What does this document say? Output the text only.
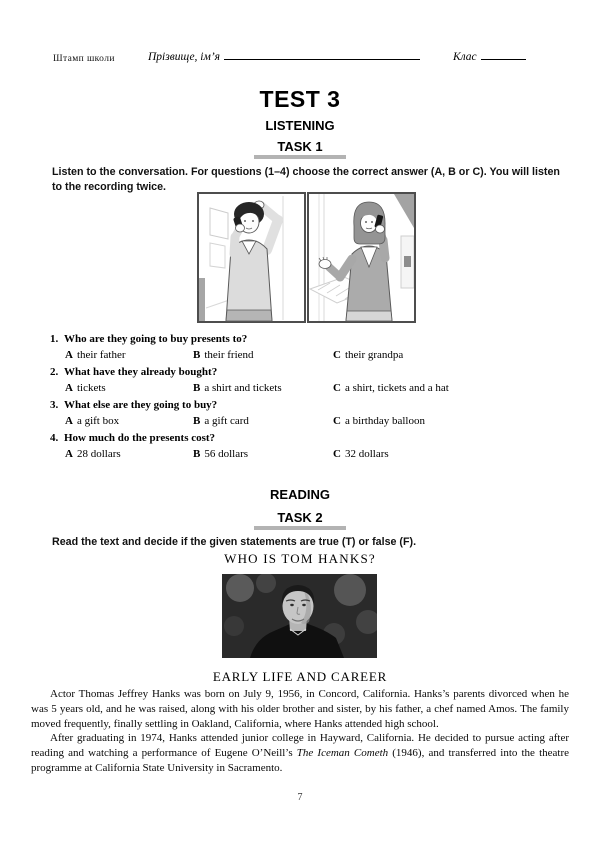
Штамп школи	Прізвище, ім’я	Клас
TEST 3
LISTENING
TASK 1
Listen to the conversation. For questions (1–4) choose the correct answer (A, B or C). You will listen to the recording twice.
1. Who are they going to buy presents to?
A their father	B their friend	C their grandpa
2. What have they already bought?
A tickets	B a shirt and tickets	C a shirt, tickets and a hat
3. What else are they going to buy?
A a gift box	B a gift card	C a birthday balloon
4. How much do the presents cost?
A 28 dollars	B 56 dollars	C 32 dollars
READING
TASK 2
Read the text and decide if the given statements are true (T) or false (F).
WHO IS TOM HANKS?
EARLY LIFE AND CAREER

Actor Thomas Jeffrey Hanks was born on July 9, 1956, in Concord, California. Hanks’s parents divorced when he was 5 years old, and he was raised, along with his older brother and sister, by his father, a chef named Amos. The family moved frequently, finally settling in Oakland, California, where Hanks attended high school.

After graduating in 1974, Hanks attended junior college in Hayward, California. He decided to pursue acting after reading and watching a performance of Eugene O’Neill’s The Iceman Cometh (1946), and transferred into the theatre programme at California State University in Sacramento.

7
